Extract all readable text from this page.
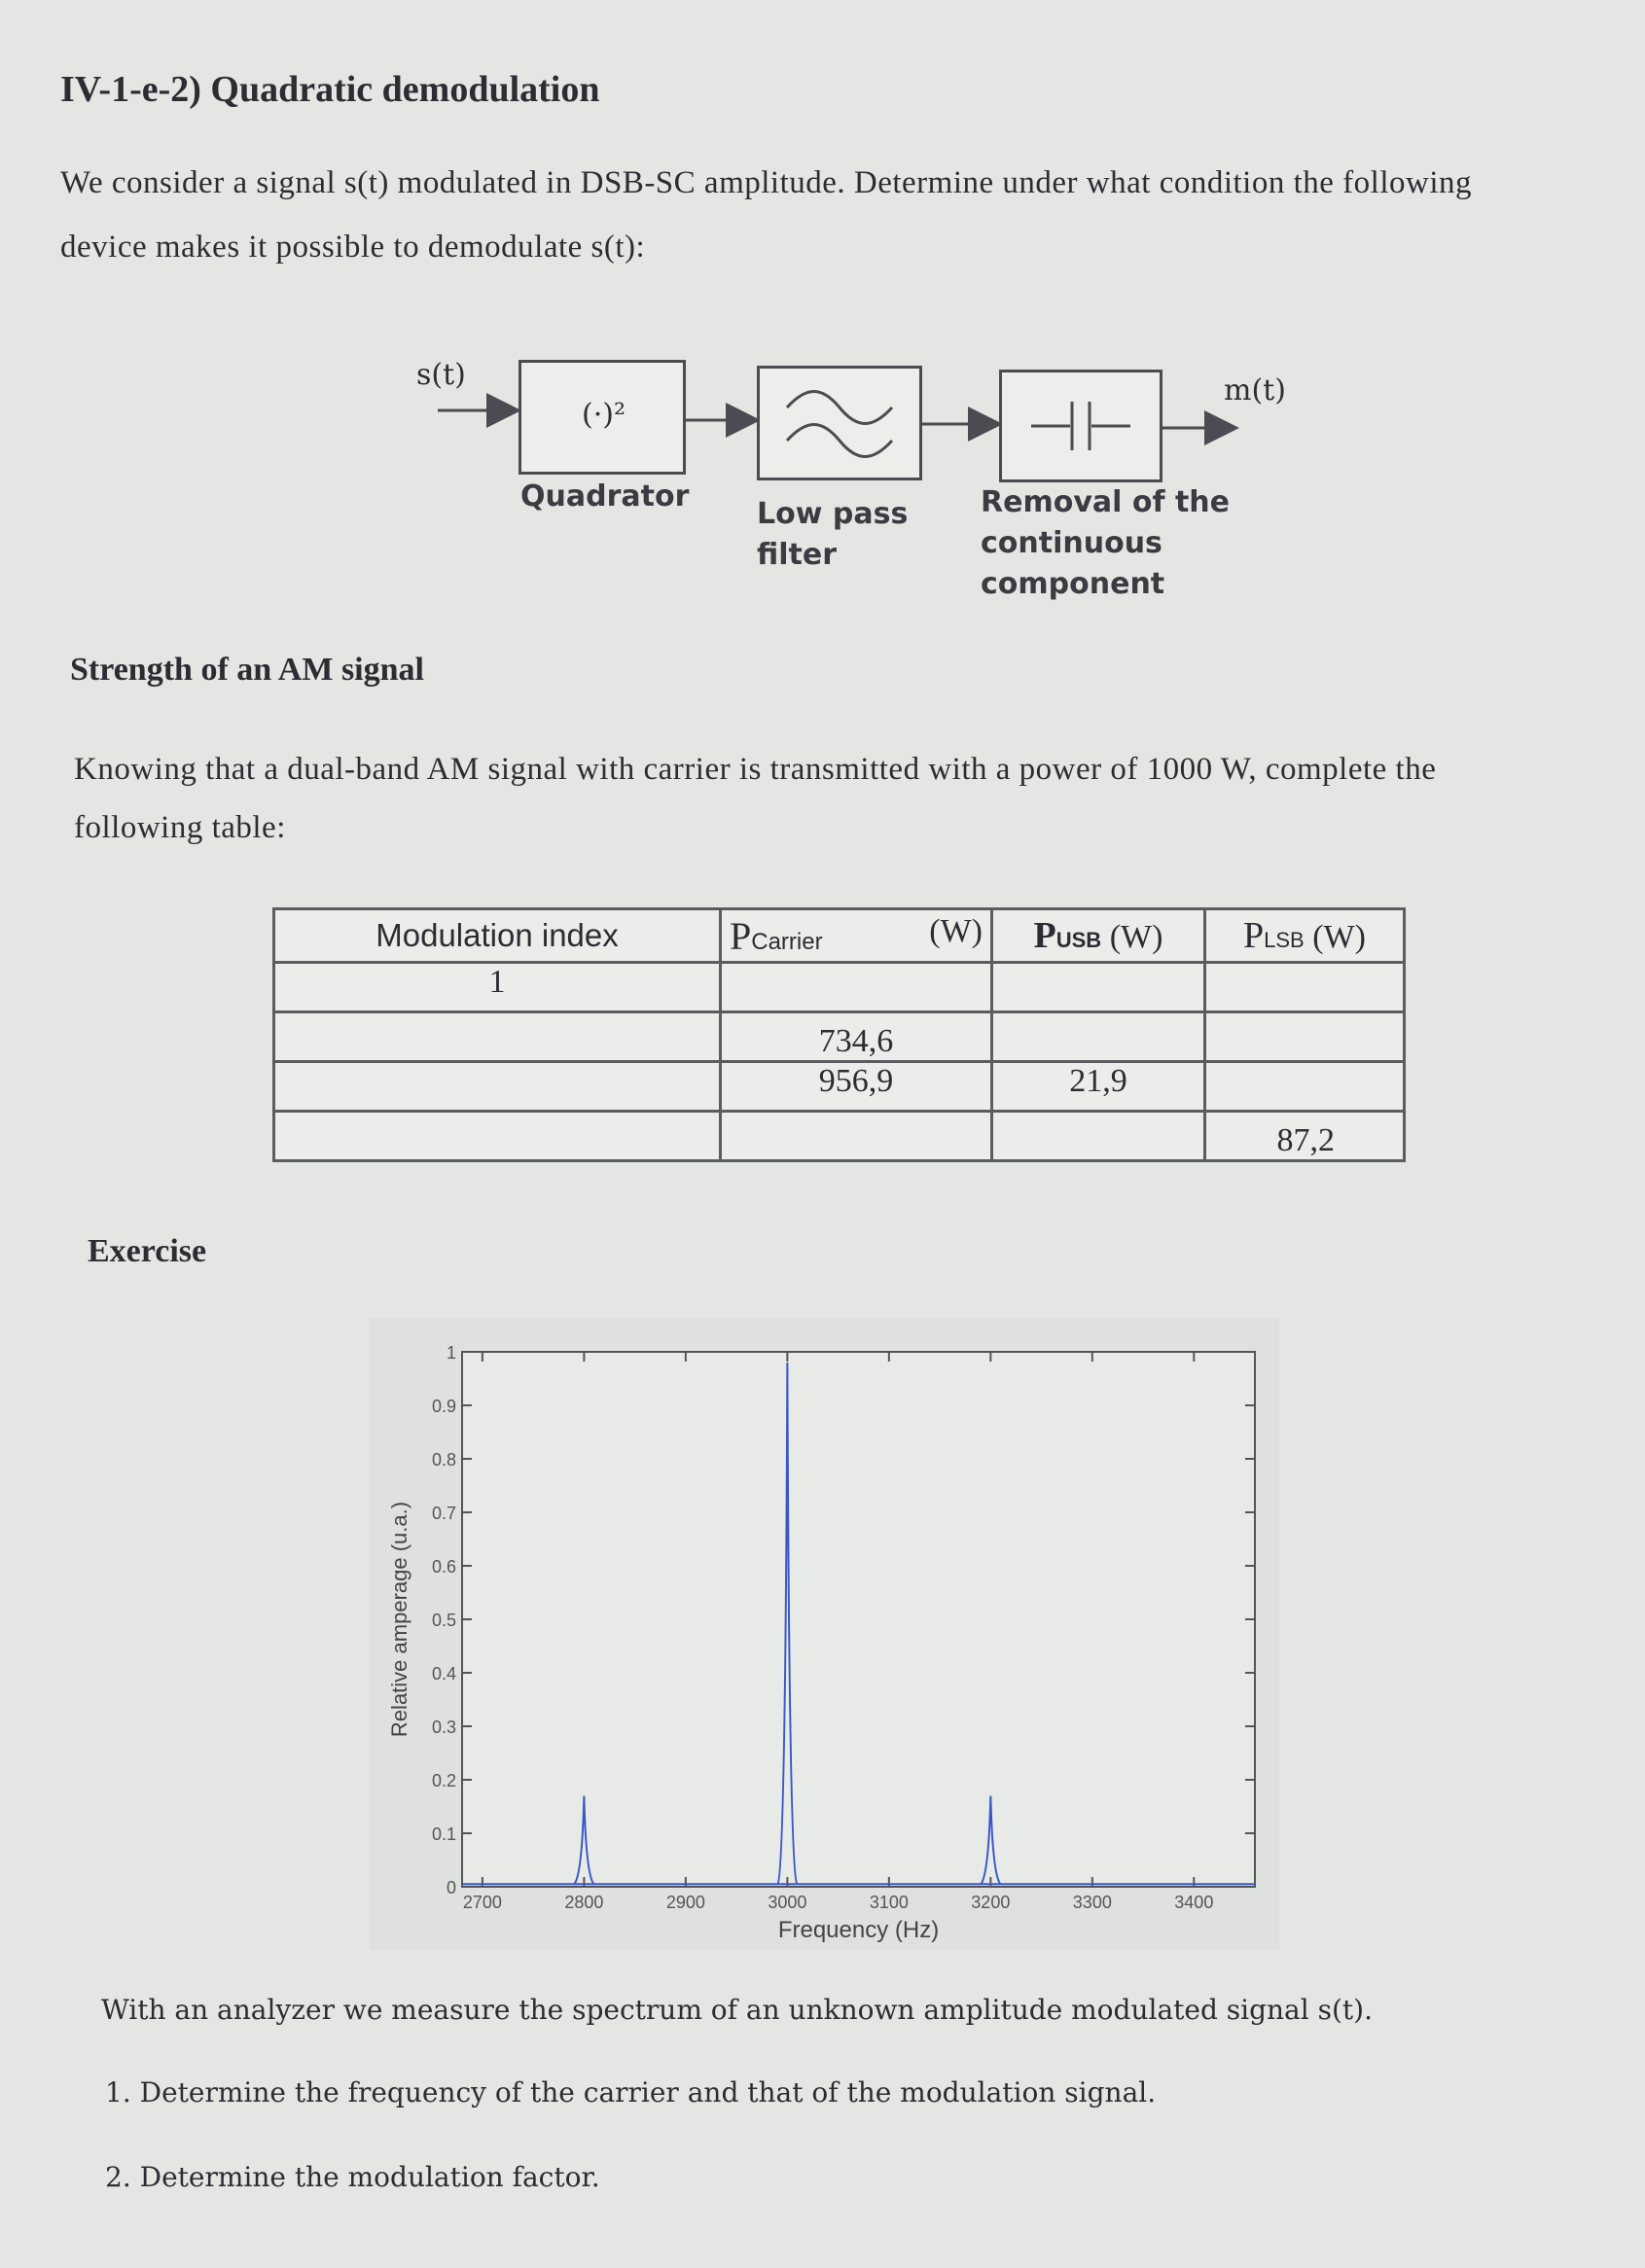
IV-1-e-2) Quadratic demodulation
We consider a signal s(t) modulated in DSB-SC amplitude. Determine under what condition the following
device makes it possible to demodulate s(t):
s(t)	m(t)
(·)²
Quadrator
Low pass
filter
Removal of the
continuous
component
Strength of an AM signal
Knowing that a dual-band AM signal with carrier is transmitted with a power of 1000 W, complete the
following table:
Modulation index	PCarrier (W)	PUSB (W)	PLSB (W)
1			
	734,6		
	956,9	21,9	
			87,2
Exercise
0
0.1
0.2
0.3
0.4
0.5
0.6
0.7
0.8
0.9
1
2700	2800	2900	3000	3100	3200	3300	3400
Frequency (Hz)
Relative amperage (u.a.)
With an analyzer we measure the spectrum of an unknown amplitude modulated signal s(t).
1. Determine the frequency of the carrier and that of the modulation signal.
2. Determine the modulation factor.
